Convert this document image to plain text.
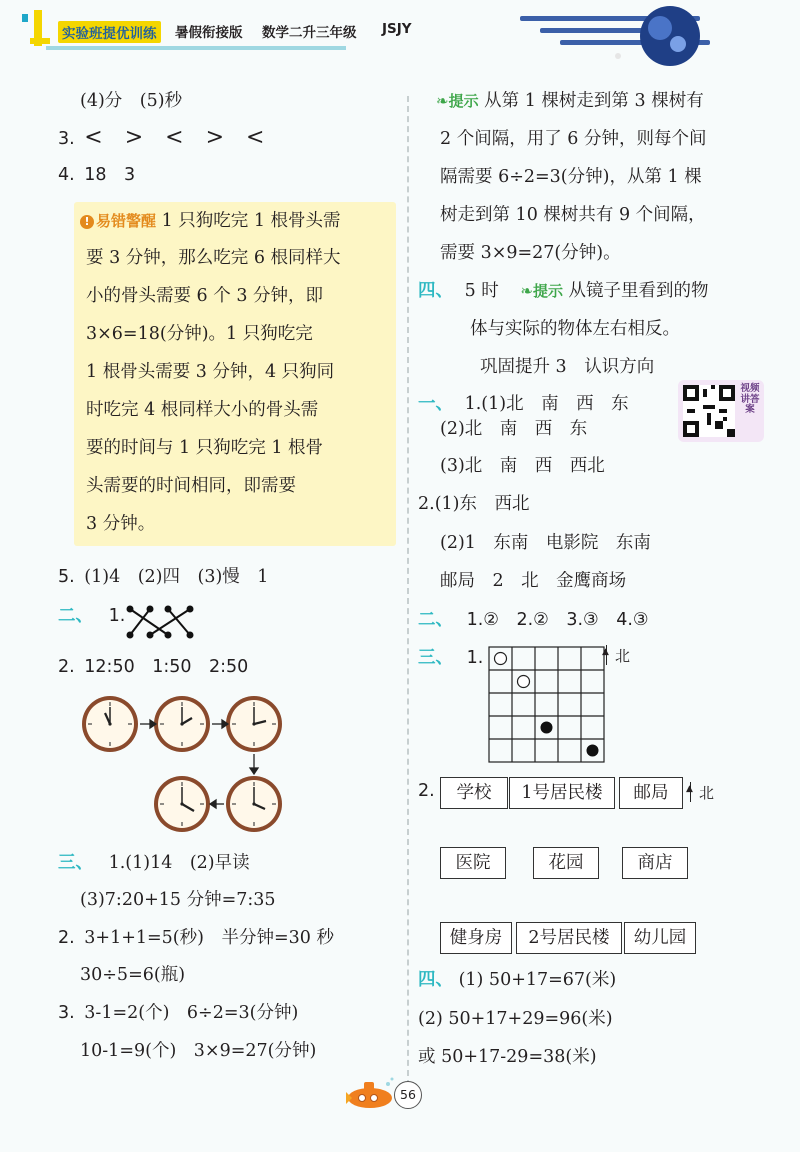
实验班提优训练 暑假衔接版 数学二升三年级 JSJY
(4)分　(5)秒
3. <　>　<　>　<
4. 18　3
! 易错警醒 1 只狗吃完 1 根骨头需
要 3 分钟，那么吃完 6 根同样大
小的骨头需要 6 个 3 分钟，即
3×6=18(分钟)。1 只狗吃完
1 根骨头需要 3 分钟，4 只狗同
时吃完 4 根同样大小的骨头需
要的时间与 1 只狗吃完 1 根骨
头需要的时间相同，即需要
3 分钟。
5. (1)4　(2)四　(3)慢　1
二、 1.
2. 12:50　1:50　2:50
三、 1.(1)14　(2)早读
(3)7:20+15 分钟=7:35
2. 3+1+1=5(秒)　半分钟=30 秒
30÷5=6(瓶)
3. 3-1=2(个)　6÷2=3(分钟)
10-1=9(个)　3×9=27(分钟)
❧提示 从第 1 棵树走到第 3 棵树有
2 个间隔，用了 6 分钟，则每个间
隔需要 6÷2=3(分钟)，从第 1 棵
树走到第 10 棵树共有 9 个间隔，
需要 3×9=27(分钟)。
四、 5 时 ❧提示 从镜子里看到的物
体与实际的物体左右相反。
巩固提升 3　认识方向
一、 1.(1)北　南　西　东
视频讲答案
(2)北　南　西　东
(3)北　南　西　西北
2.(1)东　西北
(2)1　东南　电影院　东南
邮局　2　北　金鹰商场
二、 1.②　2.②　3.③　4.③
三、 1.	▲ 北
2.	学校	1号居民楼	邮局	▲ 北
医院	花园	商店
健身房	2号居民楼	幼儿园
四、 (1) 50+17=67(米)
(2) 50+17+29=96(米)
或 50+17-29=38(米)
56
